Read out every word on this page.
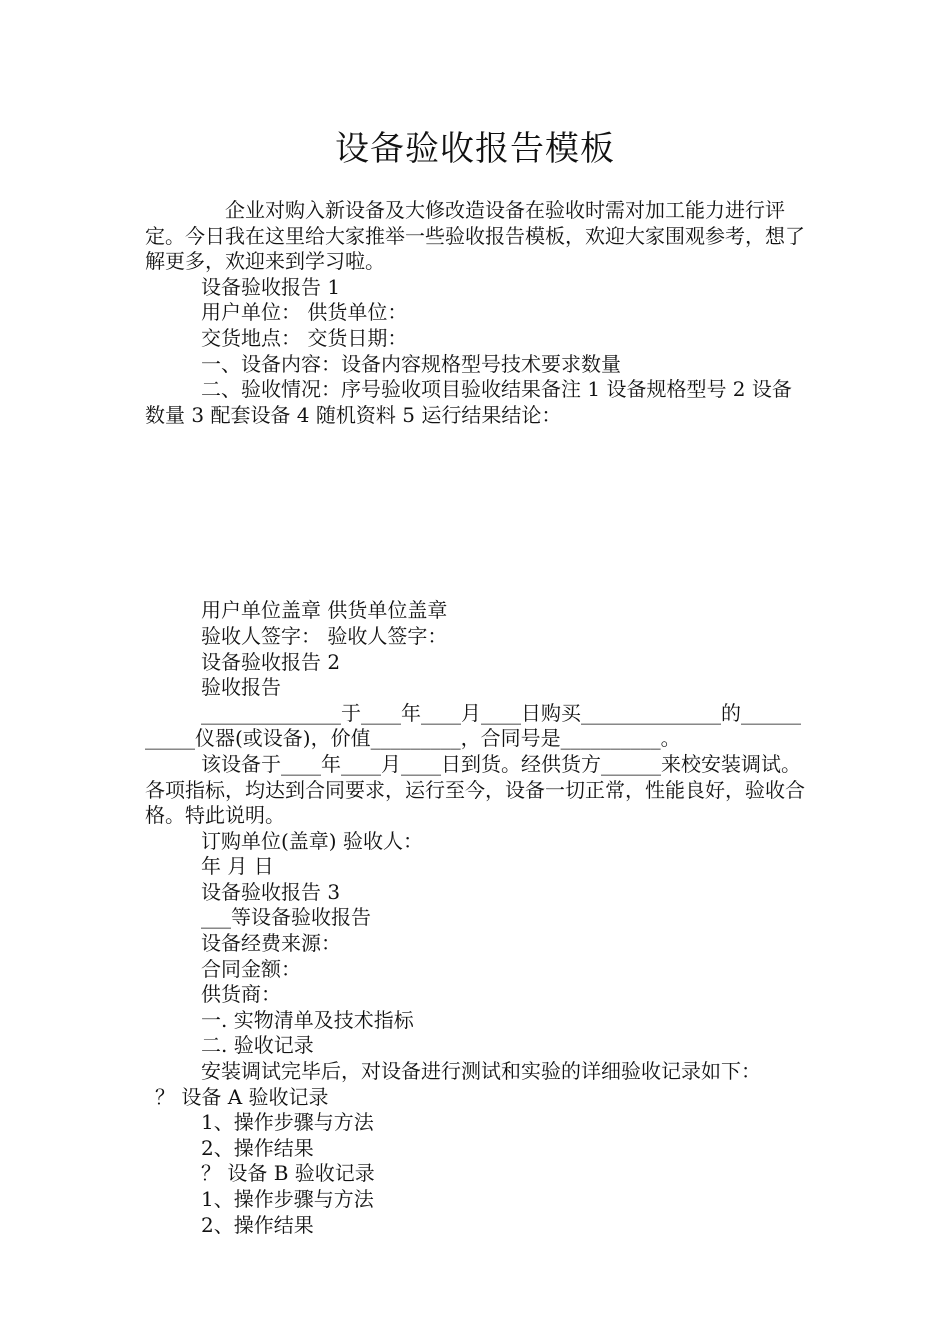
设备验收报告模板

企业对购入新设备及大修改造设备在验收时需对加工能力进行评定。今日我在这里给大家推举一些验收报告模板，欢迎大家围观参考，想了解更多，欢迎来到学习啦。

设备验收报告 1

用户单位： 供货单位：

交货地点： 交货日期：

一、设备内容：设备内容规格型号技术要求数量

二、验收情况：序号验收项目验收结果备注 1 设备规格型号 2 设备数量 3 配套设备 4 随机资料 5 运行结果结论：

用户单位盖章 供货单位盖章

验收人签字： 验收人签字：

设备验收报告 2

验收报告

______________于____年____月____日购买______________的___________仪器(或设备)，价值_________，合同号是__________。

该设备于____年____月____日到货。经供货方______来校安装调试。各项指标，均达到合同要求，运行至今，设备一切正常，性能良好，验收合格。特此说明。

订购单位(盖章) 验收人：

年 月 日

设备验收报告 3

___等设备验收报告

设备经费来源：

合同金额：

供货商：

一. 实物清单及技术指标

二. 验收记录

安装调试完毕后，对设备进行测试和实验的详细验收记录如下：

？ 设备 A 验收记录

1、操作步骤与方法

2、操作结果

？ 设备 B 验收记录

1、操作步骤与方法

2、操作结果
